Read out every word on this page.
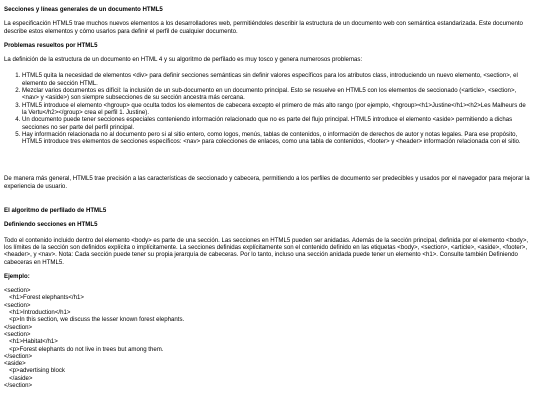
Secciones y líneas generales de un documento HTML5

La especificación HTML5 trae muchos nuevos elementos a los desarrolladores web, permitiéndoles describir la estructura de un documento web con semántica estandarizada. Este documento describe estos elementos y cómo usarlos para definir el perfil de cualquier documento.

Problemas resueltos por HTML5

La definición de la estructura de un documento en HTML 4 y su algoritmo de perfilado es muy tosco y genera numerosos problemas:

1. HTML5 quita la necesidad de elementos <div> para definir secciones semánticas sin definir valores específicos para los atributos class, introduciendo un nuevo elemento, <section>, el elemento de sección HTML.
2. Mezclar varios documentos es difícil: la inclusión de un sub-documento en un documento principal. Esto se resuelve en HTML5 con los elementos de seccionado (<article>, <section>, <nav> y <aside>) son siempre subsecciones de su sección ancestra más cercana.
3. HTML5 introduce el elemento <hgroup> que oculta todos los elementos de cabecera excepto el primero de más alto rango (por ejemplo, <hgroup><h1>Justine</h1><h2>Les Malheurs de la Vertu</h2></group> crea el perfil 1. Justine).
4. Un documento puede tener secciones especiales conteniendo información relacionado que no es parte del flujo principal. HTML5 introduce el elemento <aside> permitiendo a dichas secciones no ser parte del perfil principal.
5. Hay información relacionada no al documento pero si al sitio entero, como logos, menús, tablas de contenidos, o información de derechos de autor y notas legales. Para ese propósito, HTML5 introduce tres elementos de secciones específicos: <nav> para colecciones de enlaces, como una tabla de contenidos, <footer> y <header> información relacionada con el sitio.

De manera más general, HTML5 trae precisión a las características de seccionado y cabecera, permitiendo a los perfiles de documento ser predecibles y usados por el navegador para mejorar la experiencia de usuario.

El algoritmo de perfilado de HTML5
Definiendo secciones en HTML5

Todo el contenido incluido dentro del elemento <body> es parte de una sección. Las secciones en HTML5 pueden ser anidadas. Además de la sección principal, definida por el elemento <body>, los límites de la sección son definidos explícita o implícitamente. La secciones definidas explícitamente son el contenido definido en las etiquetas <body>, <section>, <article>, <aside>, <footer>, <header>, y <nav>. Nota: Cada sección puede tener su propia jerarquía de cabeceras. Por lo tanto, incluso una sección anidada puede tener un elemento <h1>. Consulte también Definiendo cabeceras en HTML5.

Ejemplo:
<section>
<h1>Forest elephants</h1>
<section>
<h1>Introduction</h1>
<p>In this section, we discuss the lesser known forest elephants.
</section>
<section>
<h1>Habitat</h1>
<p>Forest elephants do not live in trees but among them.
</section>
<aside>
<p>advertising block
</aside>
</section>
